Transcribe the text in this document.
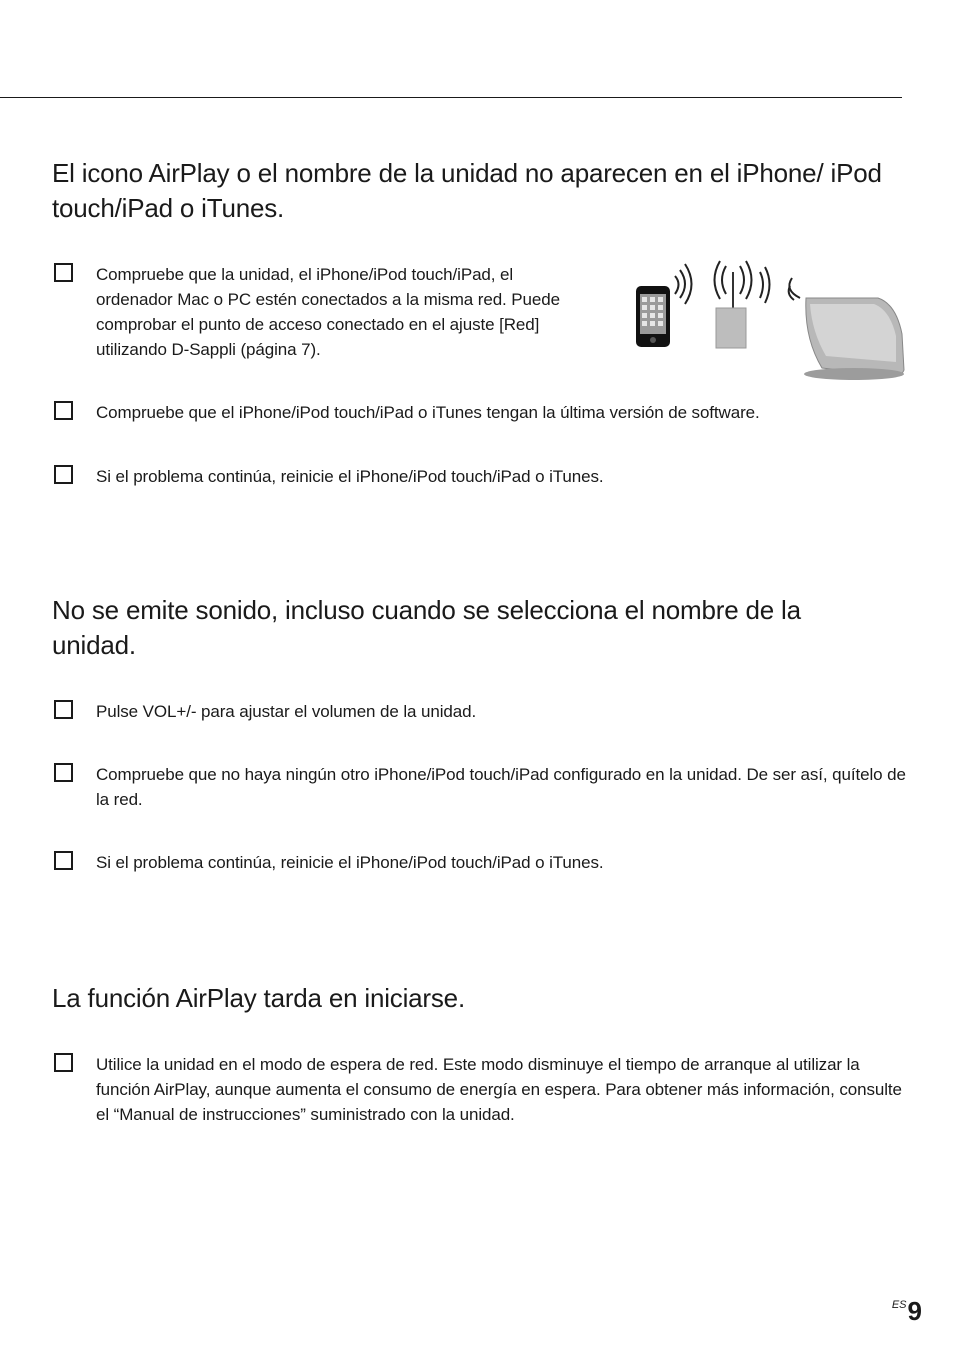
El icono AirPlay o el nombre de la unidad no aparecen en el iPhone/ iPod touch/iPad o iTunes.

Compruebe que la unidad, el iPhone/iPod touch/iPad, el ordenador Mac o PC estén conectados a la misma red. Puede comprobar el punto de acceso conectado en el ajuste [Red] utilizando D-Sappli (página 7).

Compruebe que el iPhone/iPod touch/iPad o iTunes tengan la última versión de software.

Si el problema continúa, reinicie el iPhone/iPod touch/iPad o iTunes.

No se emite sonido, incluso cuando se selecciona el nombre de la unidad.

Pulse VOL+/- para ajustar el volumen de la unidad.

Compruebe que no haya ningún otro iPhone/iPod touch/iPad configurado en la unidad. De ser así, quítelo de la red.

Si el problema continúa, reinicie el iPhone/iPod touch/iPad o iTunes.

La función AirPlay tarda en iniciarse.

Utilice la unidad en el modo de espera de red. Este modo disminuye el tiempo de arranque al utilizar la función AirPlay, aunque aumenta el consumo de energía en espera. Para obtener más información, consulte el “Manual de instrucciones” suministrado con la unidad.

$^{ES}$9
